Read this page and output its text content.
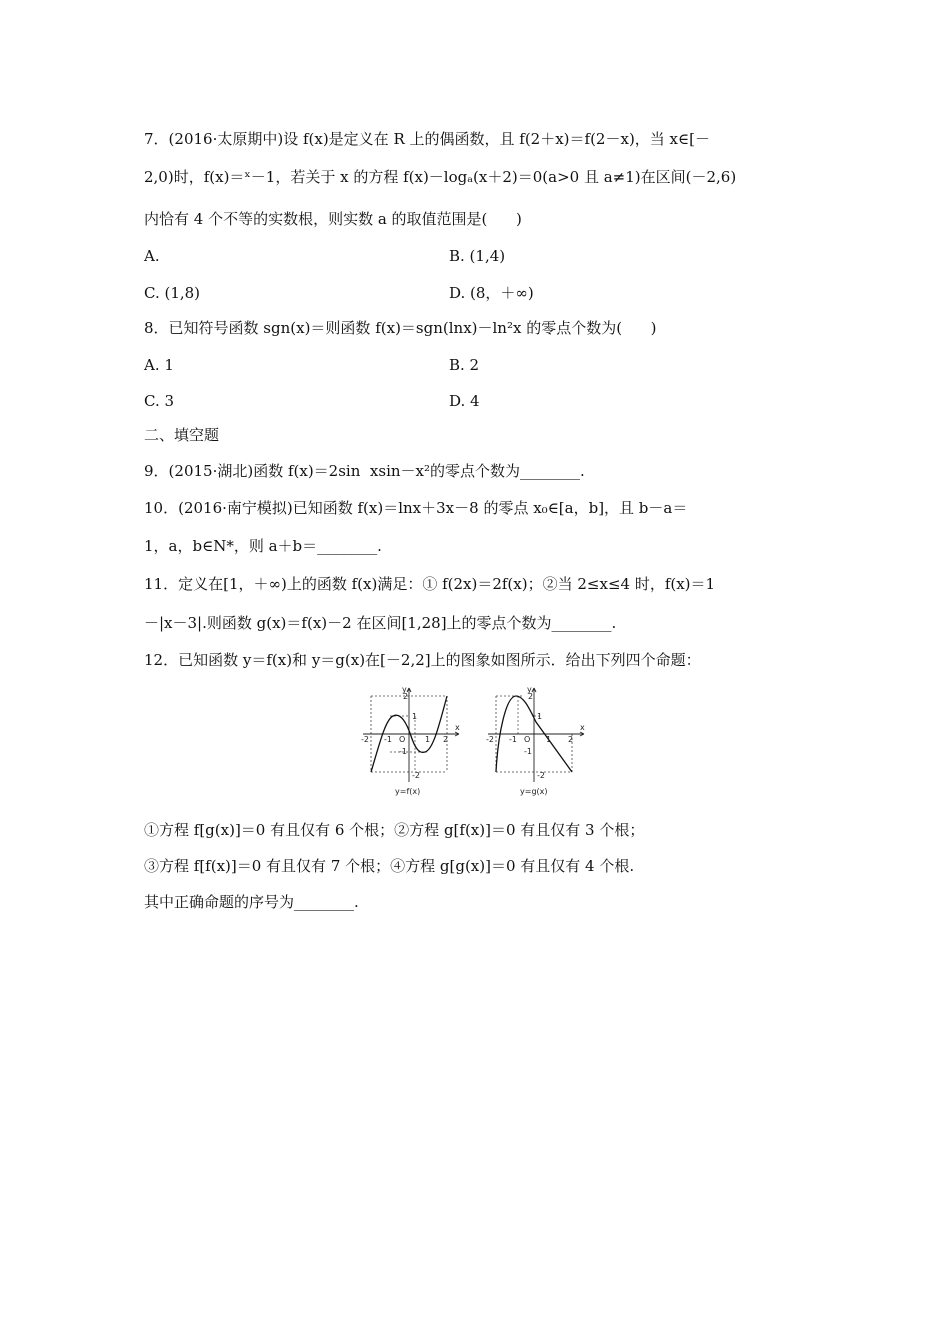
7．(2016·太原期中)设 f(x)是定义在 R 上的偶函数，且 f(2＋x)＝f(2－x)，当 x∈[－
2,0)时，f(x)＝ˣ－1，若关于 x 的方程 f(x)－logₐ(x＋2)＝0(a>0 且 a≠1)在区间(－2,6)
内恰有 4 个不等的实数根，则实数 a 的取值范围是(      )
A.	B. (1,4)
C. (1,8)	D. (8，＋∞)
8．已知符号函数 sgn(x)＝则函数 f(x)＝sgn(lnx)－ln²x 的零点个数为(      )
A. 1	B. 2
C. 3	D. 4
二、填空题
9．(2015·湖北)函数 f(x)＝2sin  xsin－x²的零点个数为________.
10．(2016·南宁模拟)已知函数 f(x)＝lnx＋3x－8 的零点 x₀∈[a，b]，且 b－a＝
1，a，b∈N*，则 a＋b＝________.
11．定义在[1，＋∞)上的函数 f(x)满足：① f(2x)＝2f(x)；②当 2≤x≤4 时，f(x)＝1
－|x－3|.则函数 g(x)＝f(x)－2 在区间[1,28]上的零点个数为________.
12．已知函数 y＝f(x)和 y＝g(x)在[－2,2]上的图象如图所示．给出下列四个命题：
y
x
2
1
-1
-2
-2 -1 O 1 2
y=f(x)
y
x
2
1
-1
-2
-2 -1 O 1 2
y=g(x)
①方程 f[g(x)]＝0 有且仅有 6 个根；②方程 g[f(x)]＝0 有且仅有 3 个根；
③方程 f[f(x)]＝0 有且仅有 7 个根；④方程 g[g(x)]＝0 有且仅有 4 个根.
其中正确命题的序号为________.
